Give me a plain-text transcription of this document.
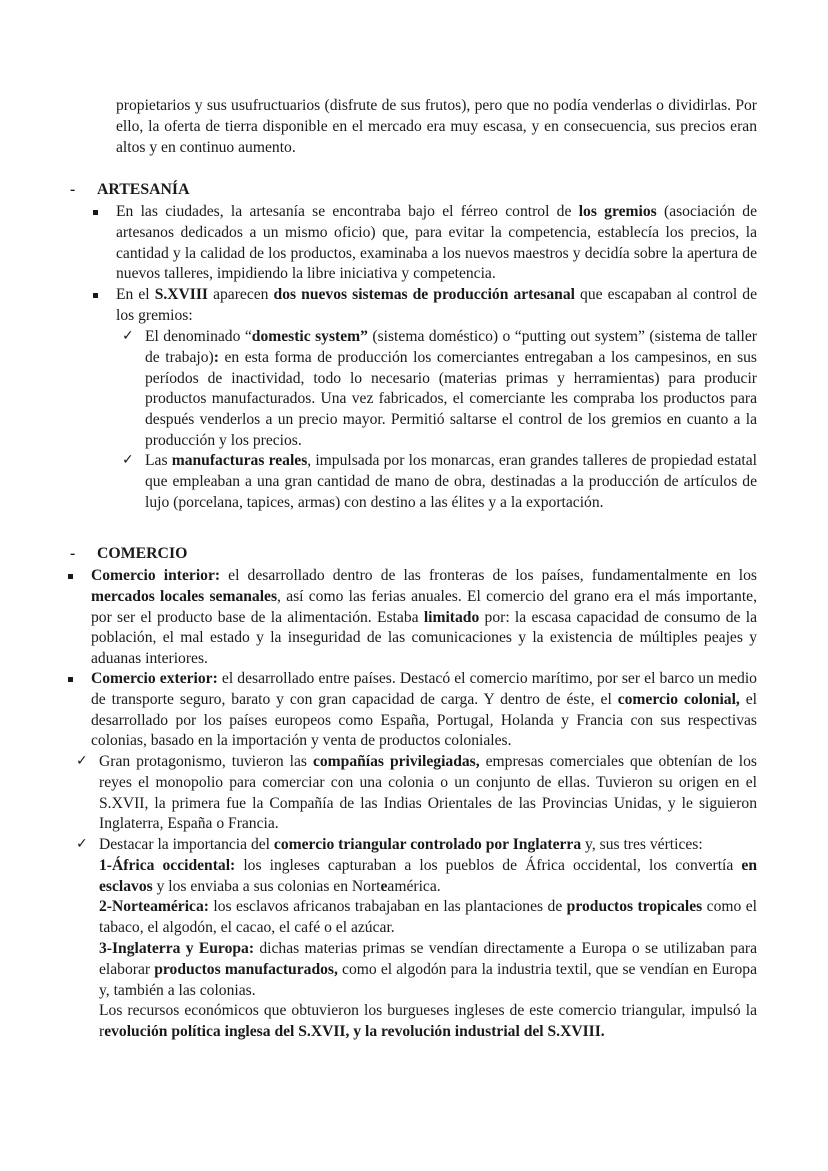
propietarios y sus usufructuarios (disfrute de sus frutos), pero que no podía venderlas o dividirlas. Por ello, la oferta de tierra disponible en el mercado era muy escasa, y en consecuencia, sus precios eran altos y en continuo aumento.

- ARTESANÍA

En las ciudades, la artesanía se encontraba bajo el férreo control de los gremios (asociación de artesanos dedicados a un mismo oficio) que, para evitar la competencia, establecía los precios, la cantidad y la calidad de los productos, examinaba a los nuevos maestros y decidía sobre la apertura de nuevos talleres, impidiendo la libre iniciativa y competencia.

En el S.XVIII aparecen dos nuevos sistemas de producción artesanal que escapaban al control de los gremios:

✓ El denominado “domestic system” (sistema doméstico) o “putting out system” (sistema de taller de trabajo): en esta forma de producción los comerciantes entregaban a los campesinos, en sus períodos de inactividad, todo lo necesario (materias primas y herramientas) para producir productos manufacturados. Una vez fabricados, el comerciante les compraba los productos para después venderlos a un precio mayor. Permitió saltarse el control de los gremios en cuanto a la producción y los precios.

✓ Las manufacturas reales, impulsada por los monarcas, eran grandes talleres de propiedad estatal que empleaban a una gran cantidad de mano de obra, destinadas a la producción de artículos de lujo (porcelana, tapices, armas) con destino a las élites y a la exportación.

- COMERCIO

Comercio interior: el desarrollado dentro de las fronteras de los países, fundamentalmente en los mercados locales semanales, así como las ferias anuales. El comercio del grano era el más importante, por ser el producto base de la alimentación. Estaba limitado por: la escasa capacidad de consumo de la población, el mal estado y la inseguridad de las comunicaciones y la existencia de múltiples peajes y aduanas interiores.

Comercio exterior: el desarrollado entre países. Destacó el comercio marítimo, por ser el barco un medio de transporte seguro, barato y con gran capacidad de carga. Y dentro de éste, el comercio colonial, el desarrollado por los países europeos como España, Portugal, Holanda y Francia con sus respectivas colonias, basado en la importación y venta de productos coloniales.

✓ Gran protagonismo, tuvieron las compañías privilegiadas, empresas comerciales que obtenían de los reyes el monopolio para comerciar con una colonia o un conjunto de ellas. Tuvieron su origen en el S.XVII, la primera fue la Compañía de las Indias Orientales de las Provincias Unidas, y le siguieron Inglaterra, España o Francia.

✓ Destacar la importancia del comercio triangular controlado por Inglaterra y, sus tres vértices:

1-África occidental: los ingleses capturaban a los pueblos de África occidental, los convertía en esclavos y los enviaba a sus colonias en Norteamérica.

2-Norteamérica: los esclavos africanos trabajaban en las plantaciones de productos tropicales como el tabaco, el algodón, el cacao, el café o el azúcar.

3-Inglaterra y Europa: dichas materias primas se vendían directamente a Europa o se utilizaban para elaborar productos manufacturados, como el algodón para la industria textil, que se vendían en Europa y, también a las colonias.

Los recursos económicos que obtuvieron los burgueses ingleses de este comercio triangular, impulsó la revolución política inglesa del S.XVII, y la revolución industrial del S.XVIII.
